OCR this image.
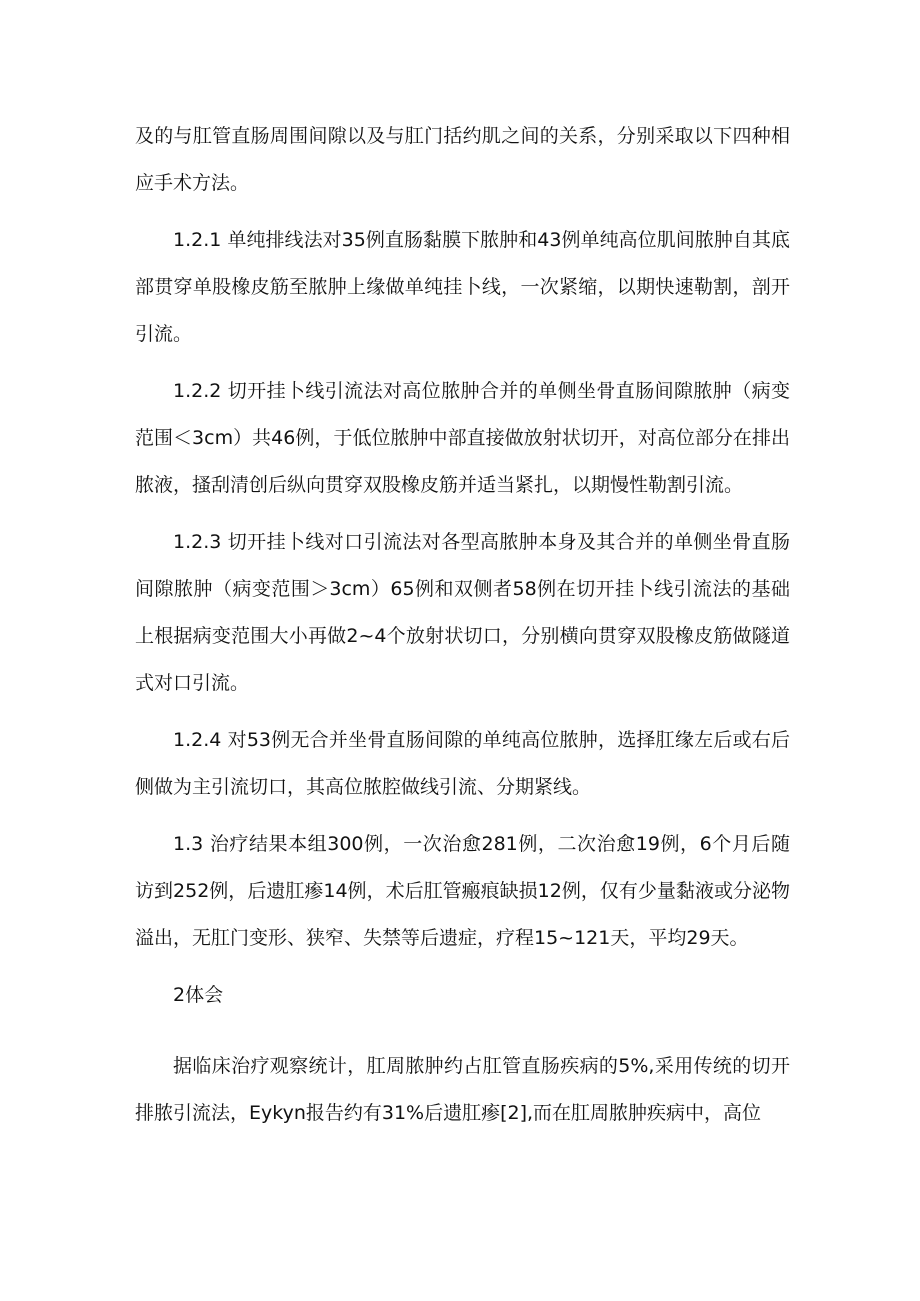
及的与肛管直肠周围间隙以及与肛门括约肌之间的关系，分别采取以下四种相应手术方法。

1.2.1 单纯排线法对35例直肠黏膜下脓肿和43例单纯高位肌间脓肿自其底部贯穿单股橡皮筋至脓肿上缘做单纯挂卜线，一次紧缩，以期快速勒割，剖开引流。

1.2.2 切开挂卜线引流法对高位脓肿合并的单侧坐骨直肠间隙脓肿（病变范围＜3cm）共46例，于低位脓肿中部直接做放射状切开，对高位部分在排出脓液，搔刮清创后纵向贯穿双股橡皮筋并适当紧扎，以期慢性勒割引流。

1.2.3 切开挂卜线对口引流法对各型高脓肿本身及其合并的单侧坐骨直肠间隙脓肿（病变范围＞3cm）65例和双侧者58例在切开挂卜线引流法的基础上根据病变范围大小再做2~4个放射状切口，分别横向贯穿双股橡皮筋做隧道式对口引流。

1.2.4 对53例无合并坐骨直肠间隙的单纯高位脓肿，选择肛缘左后或右后侧做为主引流切口，其高位脓腔做线引流、分期紧线。

1.3 治疗结果本组300例，一次治愈281例，二次治愈19例，6个月后随访到252例，后遗肛瘆14例，术后肛管瘢痕缺损12例，仅有少量黏液或分泌物溢出，无肛门变形、狭窄、失禁等后遗症，疗程15~121天，平均29天。

2体会

据临床治疗观察统计，肛周脓肿约占肛管直肠疾病的5%,采用传统的切开排脓引流法，Eykyn报告约有31%后遗肛瘆[2],而在肛周脓肿疾病中，高位
